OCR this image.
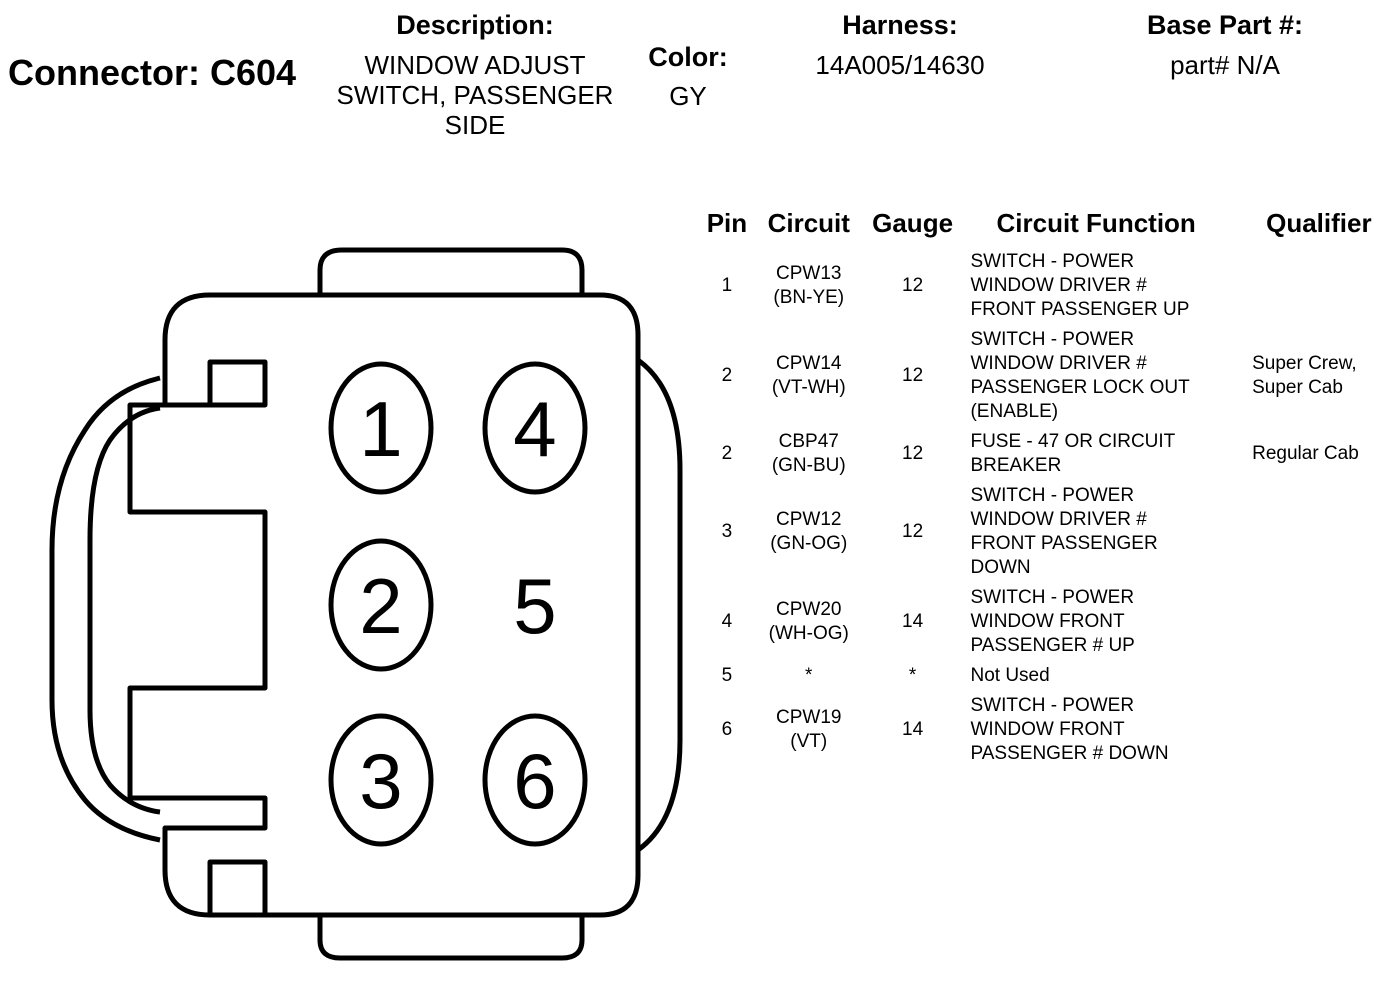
Connector: C604
Description:
WINDOW ADJUST
SWITCH, PASSENGER
SIDE
Color:
GY
Harness:
14A005/14630
Base Part #:
part# N/A
1 4
2 5
3 6
Pin	Circuit	Gauge	Circuit Function	Qualifier

1	CPW13
(BN-YE)	12	SWITCH - POWER
WINDOW DRIVER #
FRONT PASSENGER UP	

2	CPW14
(VT-WH)	12	SWITCH - POWER
WINDOW DRIVER #
PASSENGER LOCK OUT
(ENABLE)	Super Crew,
Super Cab

2	CBP47
(GN-BU)	12	FUSE - 47 OR CIRCUIT
BREAKER	Regular Cab

3	CPW12
(GN-OG)	12	SWITCH - POWER
WINDOW DRIVER #
FRONT PASSENGER
DOWN	

4	CPW20
(WH-OG)	14	SWITCH - POWER
WINDOW FRONT
PASSENGER # UP	

5	*	*	Not Used	

6	CPW19
(VT)	14	SWITCH - POWER
WINDOW FRONT
PASSENGER # DOWN	
